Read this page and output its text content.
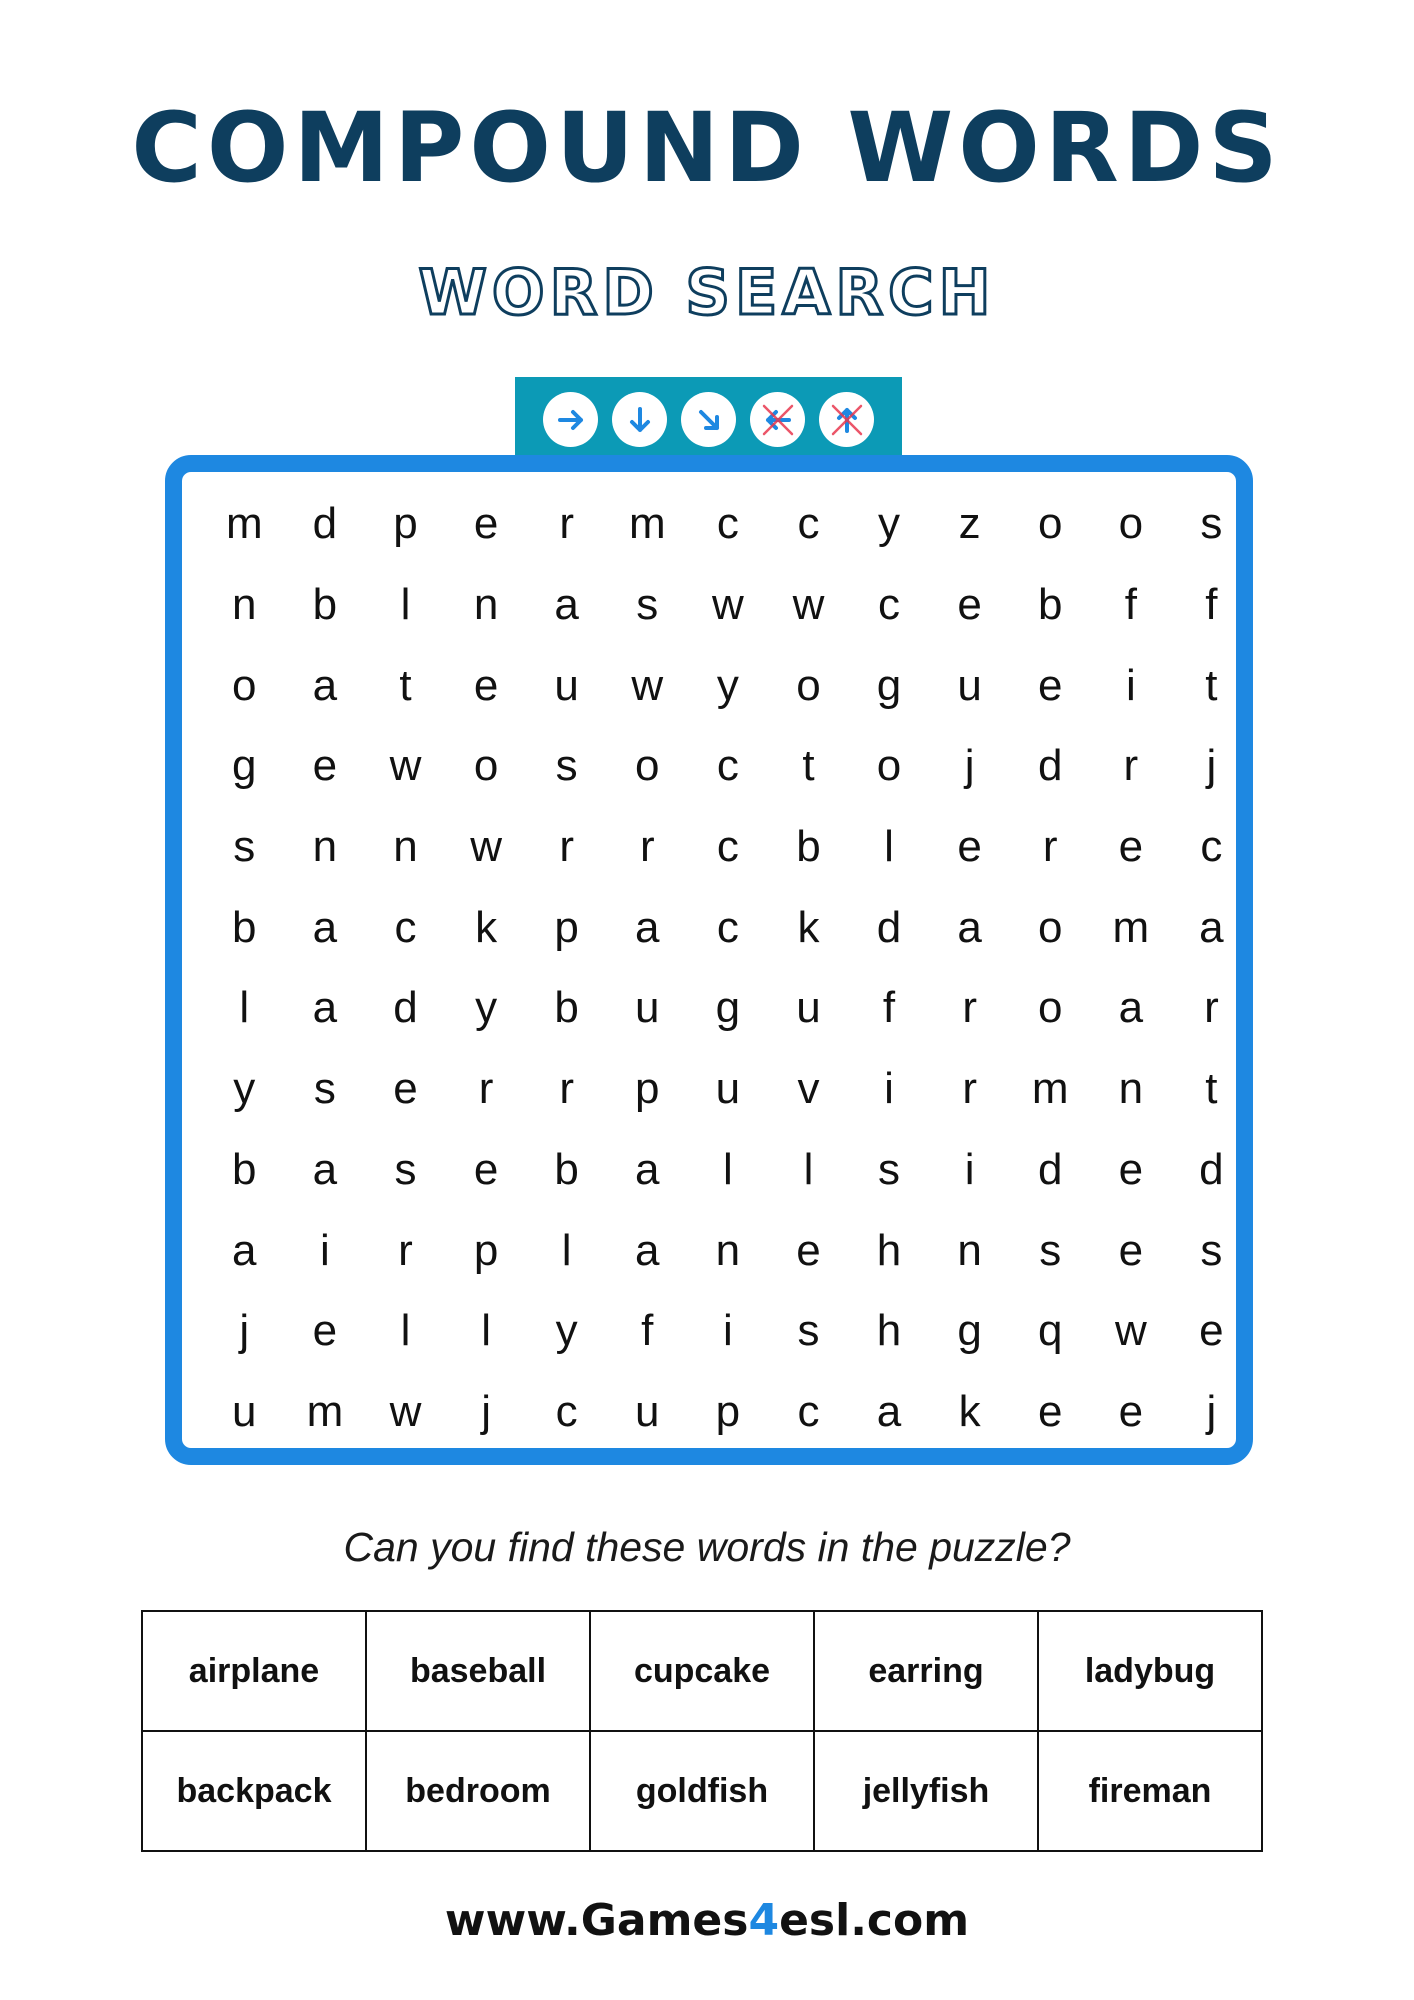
COMPOUND WORDS
WORD SEARCH
m	d	p	e	r	m	c	c	y	z	o	o	s
n	b	l	n	a	s	w	w	c	e	b	f	f
o	a	t	e	u	w	y	o	g	u	e	i	t
g	e	w	o	s	o	c	t	o	j	d	r	j
s	n	n	w	r	r	c	b	l	e	r	e	c
b	a	c	k	p	a	c	k	d	a	o	m	a
l	a	d	y	b	u	g	u	f	r	o	a	r
y	s	e	r	r	p	u	v	i	r	m	n	t
b	a	s	e	b	a	l	l	s	i	d	e	d
a	i	r	p	l	a	n	e	h	n	s	e	s
j	e	l	l	y	f	i	s	h	g	q	w	e
u	m	w	j	c	u	p	c	a	k	e	e	j
Can you find these words in the puzzle?
airplane	baseball	cupcake	earring	ladybug
backpack	bedroom	goldfish	jellyfish	fireman
www.Games4esl.com
